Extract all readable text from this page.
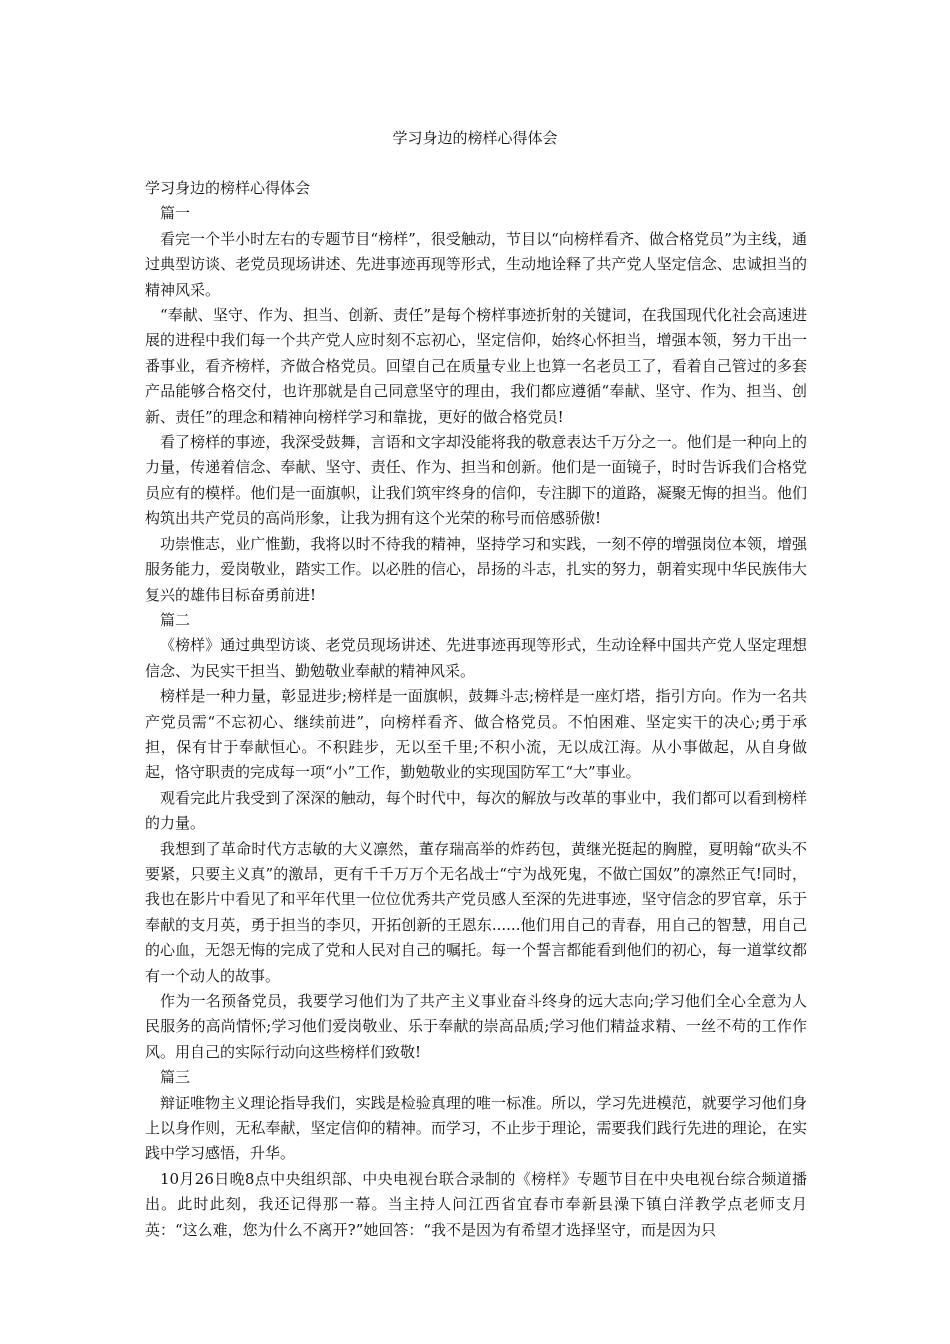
学习身边的榜样心得体会

学习身边的榜样心得体会

篇一

看完一个半小时左右的专题节目“榜样”，很受触动，节目以“向榜样看齐、做合格党员”为主线，通过典型访谈、老党员现场讲述、先进事迹再现等形式，生动地诠释了共产党人坚定信念、忠诚担当的精神风采。

“奉献、坚守、作为、担当、创新、责任”是每个榜样事迹折射的关键词，在我国现代化社会高速进展的进程中我们每一个共产党人应时刻不忘初心，坚定信仰，始终心怀担当，增强本领，努力干出一番事业，看齐榜样，齐做合格党员。回望自己在质量专业上也算一名老员工了，看着自己管过的多套产品能够合格交付，也许那就是自己同意坚守的理由，我们都应遵循“奉献、坚守、作为、担当、创新、责任”的理念和精神向榜样学习和靠拢，更好的做合格党员!

看了榜样的事迹，我深受鼓舞，言语和文字却没能将我的敬意表达千万分之一。他们是一种向上的力量，传递着信念、奉献、坚守、责任、作为、担当和创新。他们是一面镜子，时时告诉我们合格党员应有的模样。他们是一面旗帜，让我们筑牢终身的信仰，专注脚下的道路，凝聚无悔的担当。他们构筑出共产党员的高尚形象，让我为拥有这个光荣的称号而倍感骄傲!

功崇惟志，业广惟勤，我将以时不待我的精神，坚持学习和实践，一刻不停的增强岗位本领，增强服务能力，爱岗敬业，踏实工作。以必胜的信心，昂扬的斗志，扎实的努力，朝着实现中华民族伟大复兴的雄伟目标奋勇前进!

篇二

《榜样》通过典型访谈、老党员现场讲述、先进事迹再现等形式，生动诠释中国共产党人坚定理想信念、为民实干担当、勤勉敬业奉献的精神风采。

榜样是一种力量，彰显进步;榜样是一面旗帜，鼓舞斗志;榜样是一座灯塔，指引方向。作为一名共产党员需“不忘初心、继续前进”，向榜样看齐、做合格党员。不怕困难、坚定实干的决心;勇于承担，保有甘于奉献恒心。不积跬步，无以至千里;不积小流，无以成江海。从小事做起，从自身做起，恪守职责的完成每一项“小”工作，勤勉敬业的实现国防军工“大”事业。

观看完此片我受到了深深的触动，每个时代中，每次的解放与改革的事业中，我们都可以看到榜样的力量。

我想到了革命时代方志敏的大义凛然，董存瑞高举的炸药包，黄继光挺起的胸膛，夏明翰“砍头不要紧，只要主义真”的激昂，更有千千万万个无名战士“宁为战死鬼，不做亡国奴”的凛然正气!同时，我也在影片中看见了和平年代里一位位优秀共产党员感人至深的先进事迹，坚守信念的罗官章，乐于奉献的支月英，勇于担当的李贝，开拓创新的王恩东......他们用自己的青春，用自己的智慧，用自己的心血，无怨无悔的完成了党和人民对自己的嘱托。每一个誓言都能看到他们的初心，每一道掌纹都有一个动人的故事。

作为一名预备党员，我要学习他们为了共产主义事业奋斗终身的远大志向;学习他们全心全意为人民服务的高尚情怀;学习他们爱岗敬业、乐于奉献的崇高品质;学习他们精益求精、一丝不苟的工作作风。用自己的实际行动向这些榜样们致敬!

篇三

辩证唯物主义理论指导我们，实践是检验真理的唯一标准。所以，学习先进模范，就要学习他们身上以身作则，无私奉献，坚定信仰的精神。而学习，不止步于理论，需要我们践行先进的理论，在实践中学习感悟，升华。

10月26日晚8点中央组织部、中央电视台联合录制的《榜样》专题节目在中央电视台综合频道播出。此时此刻，我还记得那一幕。当主持人问江西省宜春市奉新县澡下镇白洋教学点老师支月英：“这么难，您为什么不离开?”她回答：“我不是因为有希望才选择坚守，而是因为只
